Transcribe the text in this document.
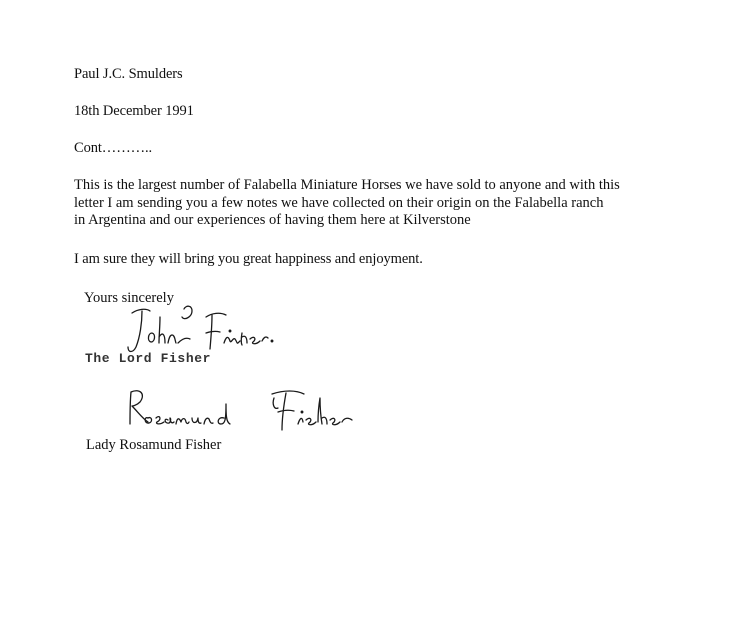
Paul J.C. Smulders
18th December 1991
Cont………..
This is the largest number of Falabella Miniature Horses we have sold to anyone and with this
letter I am sending you a few notes we have collected on their origin on the Falabella ranch
in Argentina and our experiences of having them here at Kilverstone
I am sure they will bring you great happiness and enjoyment.
Yours sincerely
The Lord Fisher
Lady Rosamund Fisher
